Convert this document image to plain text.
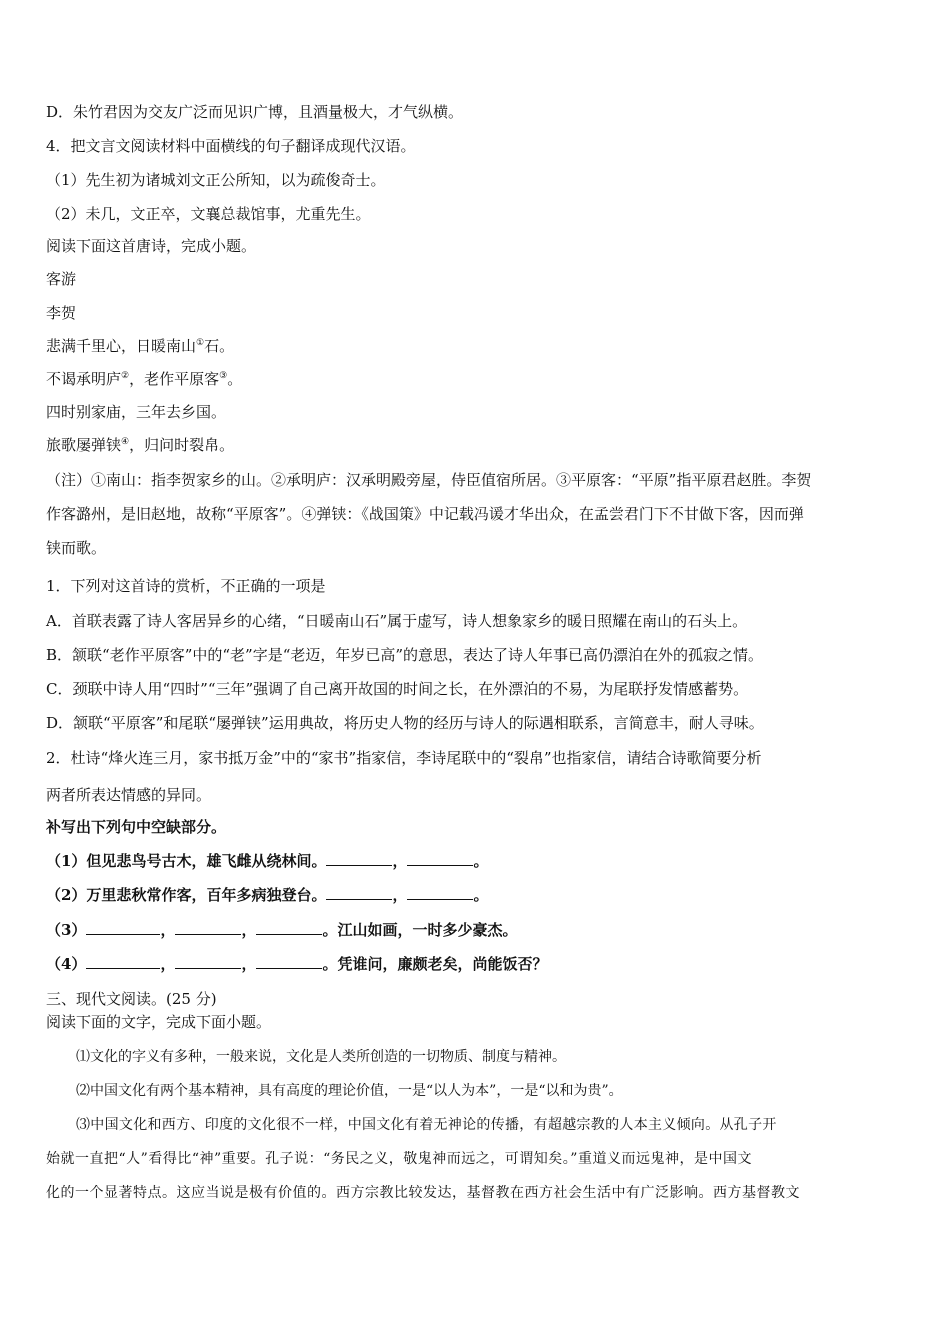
D．朱竹君因为交友广泛而见识广博，且酒量极大，才气纵横。

4．把文言文阅读材料中面横线的句子翻译成现代汉语。

（1）先生初为诸城刘文正公所知，以为疏俊奇士。

（2）未几，文正卒，文襄总裁馆事，尤重先生。

阅读下面这首唐诗，完成小题。

客游

李贺

悲满千里心，日暖南山①石。

不谒承明庐②，老作平原客③。

四时别家庙，三年去乡国。

旅歌屡弹铗④，归问时裂帛。

（注）①南山：指李贺家乡的山。②承明庐：汉承明殿旁屋，侍臣值宿所居。③平原客：“平原”指平原君赵胜。李贺

作客潞州，是旧赵地，故称“平原客”。④弹铗：《战国策》中记载冯谖才华出众，在孟尝君门下不甘做下客，因而弹

铗而歌。

1．下列对这首诗的赏析，不正确的一项是

A．首联表露了诗人客居异乡的心绪，“日暖南山石”属于虚写，诗人想象家乡的暖日照耀在南山的石头上。

B．颔联“老作平原客”中的“老”字是“老迈，年岁已高”的意思，表达了诗人年事已高仍漂泊在外的孤寂之情。

C．颈联中诗人用“四时”“三年”强调了自己离开故国的时间之长，在外漂泊的不易，为尾联抒发情感蓄势。

D．颔联“平原客”和尾联“屡弹铗”运用典故，将历史人物的经历与诗人的际遇相联系，言简意丰，耐人寻味。

2．杜诗“烽火连三月，家书抵万金”中的“家书”指家信，李诗尾联中的“裂帛”也指家信，请结合诗歌简要分析

两者所表达情感的异同。

补写出下列句中空缺部分。

（1）但见悲鸟号古木，雄飞雌从绕林间。	，	。

（2）万里悲秋常作客，百年多病独登台。	，	。

（3）	，	，	。江山如画，一时多少豪杰。

（4）	，	，	。凭谁问，廉颇老矣，尚能饭否？

三、现代文阅读。(25 分)

阅读下面的文字，完成下面小题。

⑴文化的字义有多种，一般来说，文化是人类所创造的一切物质、制度与精神。

⑵中国文化有两个基本精神，具有高度的理论价值，一是“以人为本”，一是“以和为贵”。

⑶中国文化和西方、印度的文化很不一样，中国文化有着无神论的传播，有超越宗教的人本主义倾向。从孔子开

始就一直把“人”看得比“神”重要。孔子说：“务民之义，敬鬼神而远之，可谓知矣。”重道义而远鬼神，是中国文

化的一个显著特点。这应当说是极有价值的。西方宗教比较发达，基督教在西方社会生活中有广泛影响。西方基督教文
